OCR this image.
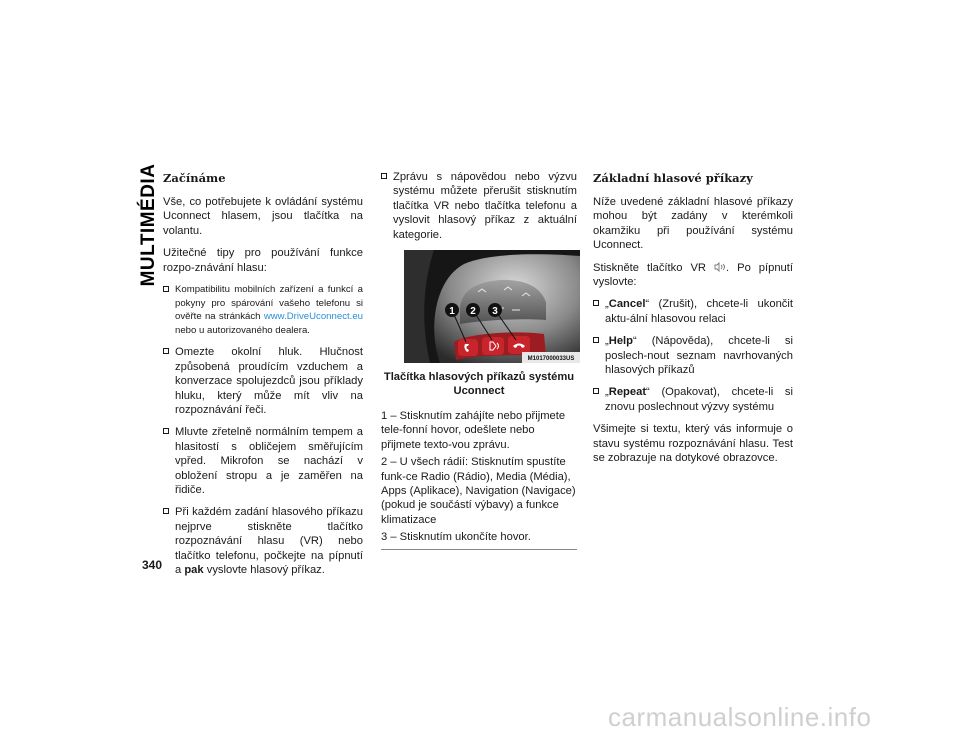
MULTIMÉDIA
340
Začínáme

Vše, co potřebujete k ovládání systému Uconnect hlasem, jsou tlačítka na volantu.

Užitečné tipy pro používání funkce rozpo-znávání hlasu:

Kompatibilitu mobilních zařízení a funkcí a pokyny pro spárování vašeho telefonu si ověřte na stránkách www.DriveUconnect.eu nebo u autorizovaného dealera.
Omezte okolní hluk. Hlučnost způsobená proudícím vzduchem a konverzace spolujezdců jsou příklady hluku, který může mít vliv na rozpoznávání řeči.
Mluvte zřetelně normálním tempem a hlasitostí s obličejem směřujícím vpřed. Mikrofon se nachází v obložení stropu a je zaměřen na řidiče.
Při každém zadání hlasového příkazu nejprve stiskněte tlačítko rozpoznávání hlasu (VR) nebo tlačítko telefonu, počkejte na pípnutí a pak vyslovte hlasový příkaz.
Zprávu s nápovědou nebo výzvu systému můžete přerušit stisknutím tlačítka VR nebo tlačítka telefonu a vyslovit hlasový příkaz z aktuální kategorie.
1 2 3
M1017000033US

Tlačítka hlasových příkazů systému Uconnect

1 – Stisknutím zahájíte nebo přijmete tele-fonní hovor, odešlete nebo přijmete texto-vou zprávu.

2 – U všech rádií: Stisknutím spustíte funk-ce Radio (Rádio), Media (Média), Apps (Aplikace), Navigation (Navigace) (pokud je součástí výbavy) a funkce klimatizace

3 – Stisknutím ukončíte hovor.

Základní hlasové příkazy

Níže uvedené základní hlasové příkazy mohou být zadány v kterémkoli okamžiku při používání systému Uconnect.

Stiskněte tlačítko VR . Po pípnutí vyslovte:

„Cancel“ (Zrušit), chcete-li ukončit aktu-ální hlasovou relaci
„Help“ (Nápověda), chcete-li si poslech-nout seznam navrhovaných hlasových příkazů
„Repeat“ (Opakovat), chcete-li si znovu poslechnout výzvy systému

Všimejte si textu, který vás informuje o stavu systému rozpoznávání hlasu. Test se zobrazuje na dotykové obrazovce.

carmanualsonline.info
